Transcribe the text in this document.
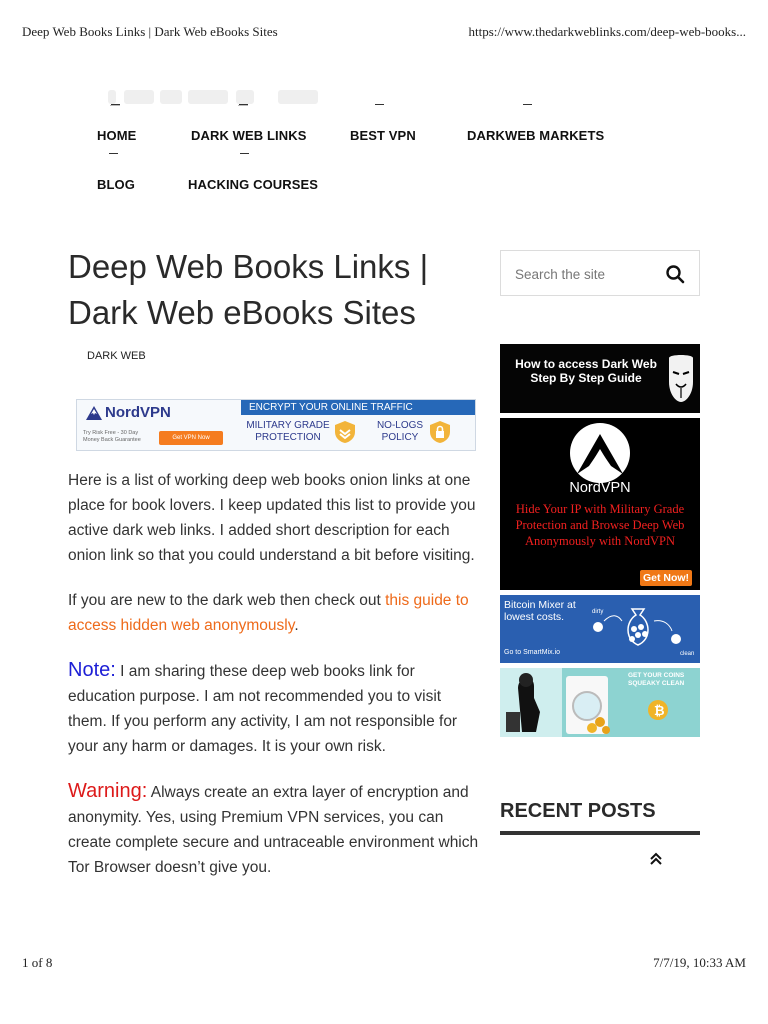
Deep Web Books Links | Dark Web eBooks Sites	https://www.thedarkweblinks.com/deep-web-books...
HOME	DARK WEB LINKS	BEST VPN	DARKWEB MARKETS
BLOG	HACKING COURSES
Deep Web Books Links | Dark Web eBooks Sites
DARK WEB
NordVPN
Try Risk Free - 30 Day Money Back Guarantee	Get VPN Now
ENCRYPT YOUR ONLINE TRAFFIC
MILITARY GRADE PROTECTION
NO-LOGS POLICY

Here is a list of working deep web books onion links at one place for book lovers. I keep updated this list to provide you active dark web links. I added short description for each onion link so that you could understand a bit before visiting.

If you are new to the dark web then check out this guide to access hidden web anonymously.

Note: I am sharing these deep web books link for education purpose. I am not recommended you to visit them. If you perform any activity, I am not responsible for your any harm or damages. It is your own risk.

Warning: Always create an extra layer of encryption and anonymity. Yes, using Premium VPN services, you can create complete secure and untraceable environment which Tor Browser doesn’t give you.

Search the site
How to access Dark Web Step By Step Guide
NordVPN
Hide Your IP with Military Grade Protection and Browse Deep Web Anonymously with NordVPN
Get Now!
Bitcoin Mixer at lowest costs.
Go to SmartMix.io
dirty
clean
₿
GET YOUR COINS SQUEAKY CLEAN
RECENT POSTS
1 of 8	7/7/19, 10:33 AM
